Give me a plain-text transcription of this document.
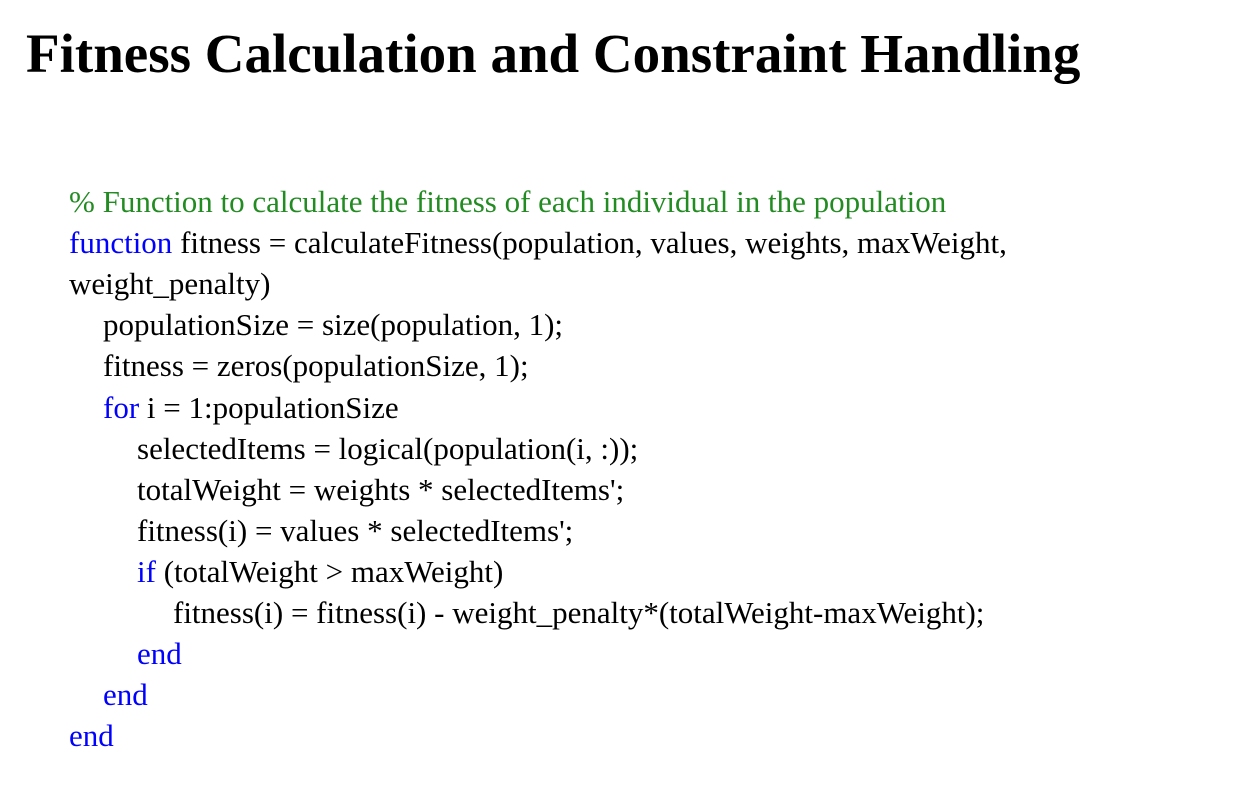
Fitness Calculation and Constraint Handling

% Function to calculate the fitness of each individual in the population

function fitness = calculateFitness(population, values, weights, maxWeight,

weight_penalty)

populationSize = size(population, 1);

fitness = zeros(populationSize, 1);

for i = 1:populationSize

selectedItems = logical(population(i, :));

totalWeight = weights * selectedItems';

fitness(i) = values * selectedItems';

if (totalWeight > maxWeight)

fitness(i) = fitness(i) - weight_penalty*(totalWeight-maxWeight);

end

end

end
